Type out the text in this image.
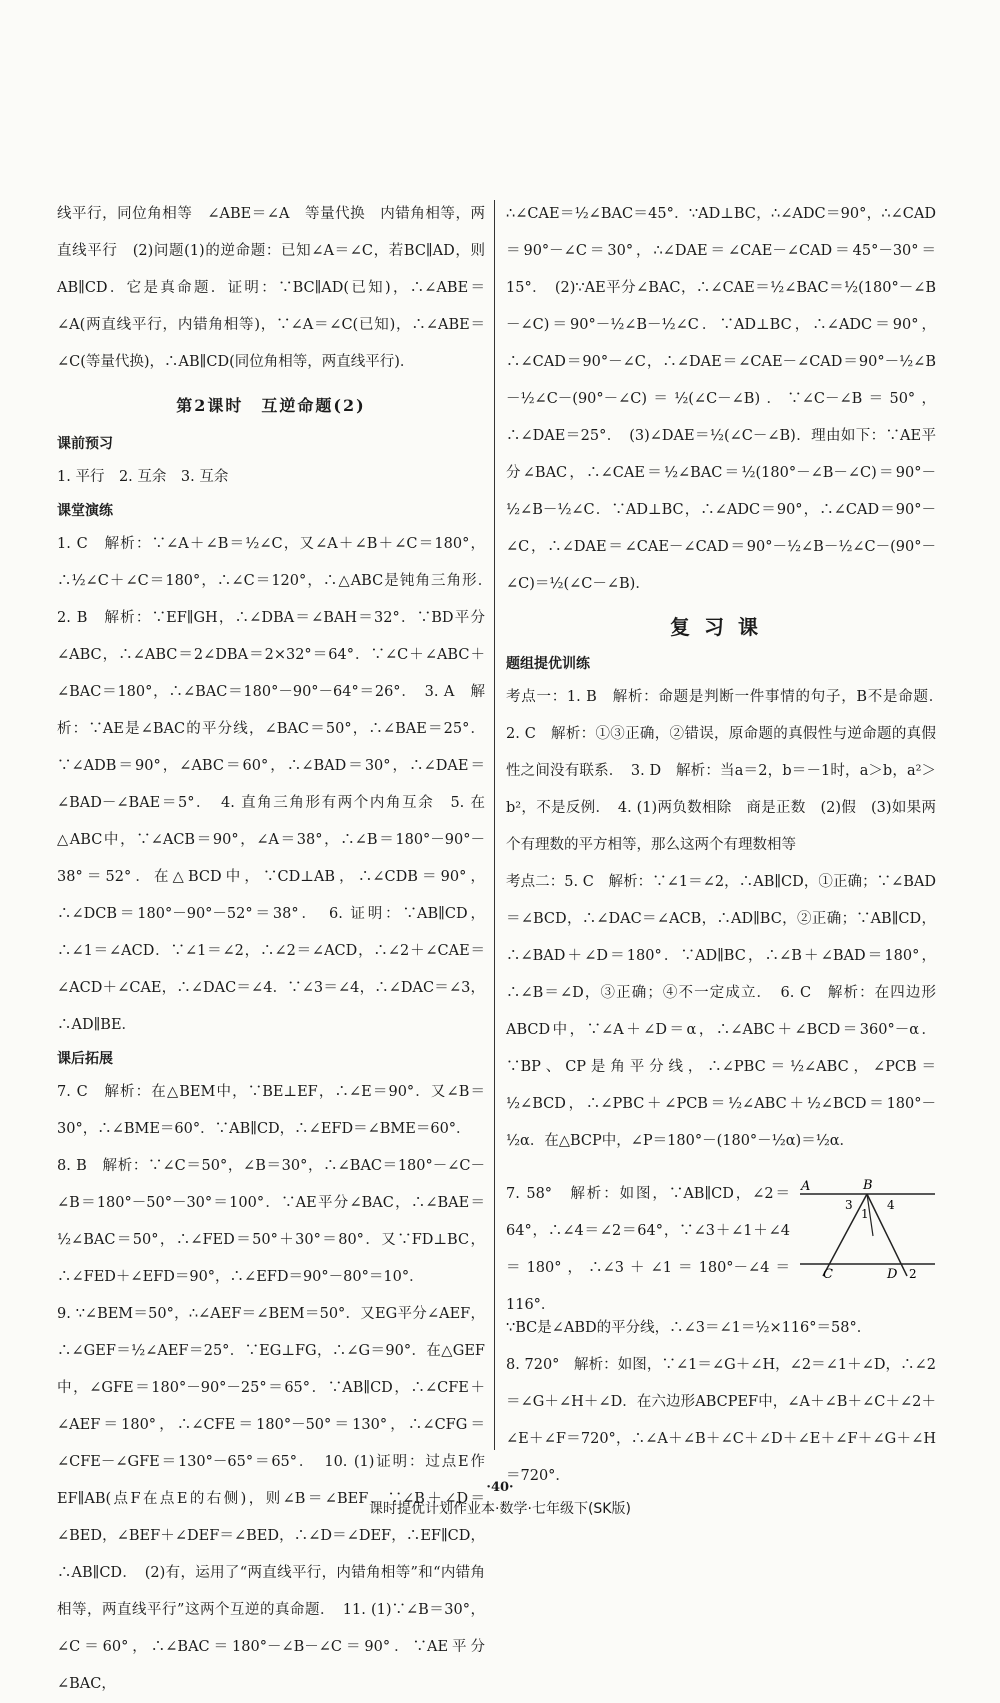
线平行，同位角相等　∠ABE＝∠A　等量代换　内错角相等，两直线平行　(2)问题(1)的逆命题：已知∠A＝∠C，若BC∥AD，则AB∥CD．它是真命题．证明：∵BC∥AD(已知)，∴∠ABE＝∠A(两直线平行，内错角相等)，∵∠A＝∠C(已知)，∴∠ABE＝∠C(等量代换)，∴AB∥CD(同位角相等，两直线平行)．

第2课时　互逆命题(2)
课前预习

1. 平行　2. 互余　3. 互余

课堂演练

1. C　解析：∵∠A＋∠B＝½∠C，又∠A＋∠B＋∠C＝180°，∴½∠C＋∠C＝180°，∴∠C＝120°，∴△ABC是钝角三角形．　2. B　解析：∵EF∥GH，∴∠DBA＝∠BAH＝32°．∵BD平分∠ABC，∴∠ABC＝2∠DBA＝2×32°＝64°．∵∠C＋∠ABC＋∠BAC＝180°，∴∠BAC＝180°－90°－64°＝26°．　3. A　解析：∵AE是∠BAC的平分线，∠BAC＝50°，∴∠BAE＝25°．∵∠ADB＝90°，∠ABC＝60°，∴∠BAD＝30°，∴∠DAE＝∠BAD－∠BAE＝5°．　4. 直角三角形有两个内角互余　5. 在△ABC中，∵∠ACB＝90°，∠A＝38°，∴∠B＝180°－90°－38°＝52°．在△BCD中，∵CD⊥AB，∴∠CDB＝90°，∴∠DCB＝180°－90°－52°＝38°．　6. 证明：∵AB∥CD，∴∠1＝∠ACD．∵∠1＝∠2，∴∠2＝∠ACD，∴∠2＋∠CAE＝∠ACD＋∠CAE，∴∠DAC＝∠4．∵∠3＝∠4，∴∠DAC＝∠3，∴AD∥BE．

课后拓展

7. C　解析：在△BEM中，∵BE⊥EF，∴∠E＝90°．又∠B＝30°，∴∠BME＝60°．∵AB∥CD，∴∠EFD＝∠BME＝60°．
8. B　解析：∵∠C＝50°，∠B＝30°，∴∠BAC＝180°－∠C－∠B＝180°－50°－30°＝100°．∵AE平分∠BAC，∴∠BAE＝½∠BAC＝50°，∴∠FED＝50°＋30°＝80°．又∵FD⊥BC，∴∠FED＋∠EFD＝90°，∴∠EFD＝90°－80°＝10°．
9. ∵∠BEM＝50°，∴∠AEF＝∠BEM＝50°．又EG平分∠AEF，∴∠GEF＝½∠AEF＝25°．∵EG⊥FG，∴∠G＝90°．在△GEF中，∠GFE＝180°－90°－25°＝65°．∵AB∥CD，∴∠CFE＋∠AEF＝180°，∴∠CFE＝180°－50°＝130°，∴∠CFG＝∠CFE－∠GFE＝130°－65°＝65°．　10. (1)证明：过点E作EF∥AB(点F在点E的右侧)，则∠B＝∠BEF．∵∠B＋∠D＝∠BED，∠BEF＋∠DEF＝∠BED，∴∠D＝∠DEF，∴EF∥CD，∴AB∥CD．　(2)有，运用了“两直线平行，内错角相等”和“内错角相等，两直线平行”这两个互逆的真命题．　11. (1)∵∠B＝30°，∠C＝60°，∴∠BAC＝180°－∠B－∠C＝90°．∵AE平分∠BAC，

∴∠CAE＝½∠BAC＝45°．∵AD⊥BC，∴∠ADC＝90°，∴∠CAD＝90°－∠C＝30°，∴∠DAE＝∠CAE－∠CAD＝45°－30°＝15°．　(2)∵AE平分∠BAC，∴∠CAE＝½∠BAC＝½(180°－∠B－∠C)＝90°－½∠B－½∠C．∵AD⊥BC，∴∠ADC＝90°，∴∠CAD＝90°－∠C，∴∠DAE＝∠CAE－∠CAD＝90°－½∠B－½∠C－(90°－∠C)＝½(∠C－∠B)．∵∠C－∠B＝50°，∴∠DAE＝25°．　(3)∠DAE＝½(∠C－∠B)．理由如下：∵AE平分∠BAC，∴∠CAE＝½∠BAC＝½(180°－∠B－∠C)＝90°－½∠B－½∠C．∵AD⊥BC，∴∠ADC＝90°，∴∠CAD＝90°－∠C，∴∠DAE＝∠CAE－∠CAD＝90°－½∠B－½∠C－(90°－∠C)＝½(∠C－∠B)．

复习课
题组提优训练

考点一：1. B　解析：命题是判断一件事情的句子，B不是命题．　2. C　解析：①③正确，②错误，原命题的真假性与逆命题的真假性之间没有联系．　3. D　解析：当a＝2，b＝－1时，a＞b，a²＞b²，不是反例．　4. (1)两负数相除　商是正数　(2)假　(3)如果两个有理数的平方相等，那么这两个有理数相等
考点二：5. C　解析：∵∠1＝∠2，∴AB∥CD，①正确；∵∠BAD＝∠BCD，∴∠DAC＝∠ACB，∴AD∥BC，②正确；∵AB∥CD，∴∠BAD＋∠D＝180°．∵AD∥BC，∴∠B＋∠BAD＝180°，∴∠B＝∠D，③正确；④不一定成立．　6. C　解析：在四边形ABCD中，∵∠A＋∠D＝α，∴∠ABC＋∠BCD＝360°－α．∵BP、CP是角平分线，∴∠PBC＝½∠ABC，∠PCB＝½∠BCD，∴∠PBC＋∠PCB＝½∠ABC＋½∠BCD＝180°－½α．在△BCP中，∠P＝180°－(180°－½α)＝½α．

7. 58°　解析：如图，∵AB∥CD，∠2＝64°，∴∠4＝∠2＝64°，∵∠3＋∠1＋∠4＝180°，∴∠3＋∠1＝180°－∠4＝116°．

A	B
3
1
4
C	D 2

∵BC是∠ABD的平分线，∴∠3＝∠1＝½×116°＝58°．
8. 720°　解析：如图，∵∠1＝∠G＋∠H，∠2＝∠1＋∠D，∴∠2＝∠G＋∠H＋∠D．在六边形ABCPEF中，∠A＋∠B＋∠C＋∠2＋∠E＋∠F＝720°，∴∠A＋∠B＋∠C＋∠D＋∠E＋∠F＋∠G＋∠H＝720°．

·40·
课时提优计划作业本·数学·七年级下(SK版)
